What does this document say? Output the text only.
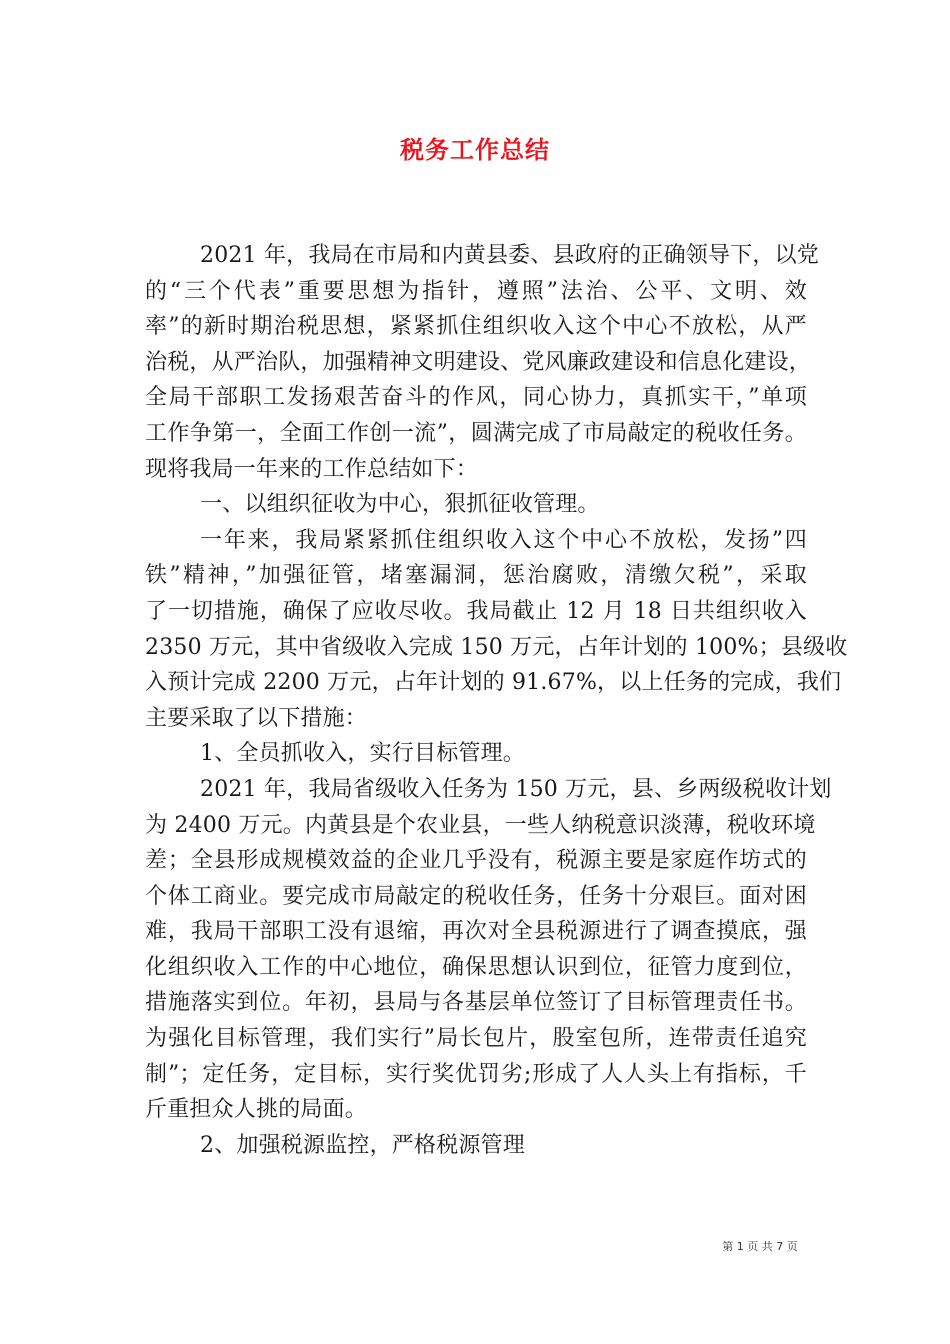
税务工作总结
2021 年，我局在市局和内黄县委、县政府的正确领导下，以党
的“三个代表”重要思想为指针，遵照”法治、公平、文明、效
率”的新时期治税思想，紧紧抓住组织收入这个中心不放松，从严
治税，从严治队，加强精神文明建设、党风廉政建设和信息化建设，
全局干部职工发扬艰苦奋斗的作风，同心协力，真抓实干，”单项
工作争第一，全面工作创一流”，圆满完成了市局敲定的税收任务。
现将我局一年来的工作总结如下：
一、以组织征收为中心，狠抓征收管理。
一年来，我局紧紧抓住组织收入这个中心不放松，发扬”四
铁”精神，”加强征管，堵塞漏洞，惩治腐败，清缴欠税”，采取
了一切措施，确保了应收尽收。我局截止 12 月 18 日共组织收入
2350 万元，其中省级收入完成 150 万元，占年计划的 100%；县级收
入预计完成 2200 万元，占年计划的 91.67%，以上任务的完成，我们
主要采取了以下措施：
1、全员抓收入，实行目标管理。
2021 年，我局省级收入任务为 150 万元，县、乡两级税收计划
为 2400 万元。内黄县是个农业县，一些人纳税意识淡薄，税收环境
差；全县形成规模效益的企业几乎没有，税源主要是家庭作坊式的
个体工商业。要完成市局敲定的税收任务，任务十分艰巨。面对困
难，我局干部职工没有退缩，再次对全县税源进行了调查摸底，强
化组织收入工作的中心地位，确保思想认识到位，征管力度到位，
措施落实到位。年初，县局与各基层单位签订了目标管理责任书。
为强化目标管理，我们实行”局长包片，股室包所，连带责任追究
制”；定任务，定目标，实行奖优罚劣;形成了人人头上有指标，千
斤重担众人挑的局面。
2、加强税源监控，严格税源管理
第 1 页 共 7 页
